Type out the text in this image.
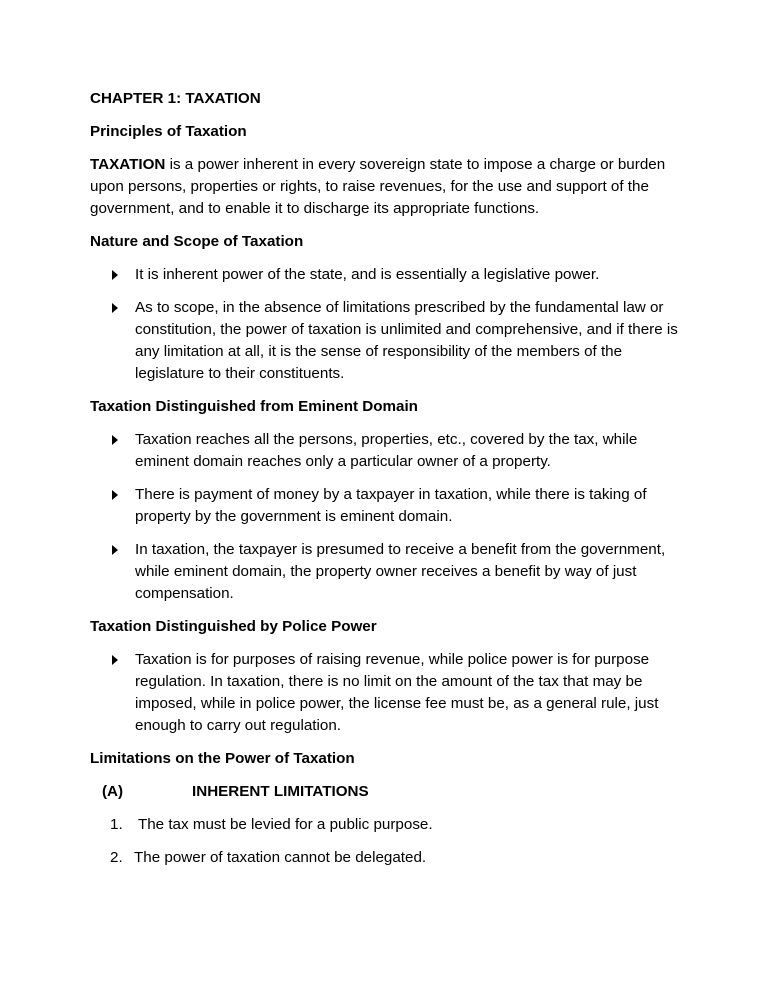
CHAPTER 1: TAXATION

Principles of Taxation

TAXATION is a power inherent in every sovereign state to impose a charge or burden upon persons, properties or rights, to raise revenues, for the use and support of the government, and to enable it to discharge its appropriate functions.

Nature and Scope of Taxation

It is inherent power of the state, and is essentially a legislative power.
As to scope, in the absence of limitations prescribed by the fundamental law or constitution, the power of taxation is unlimited and comprehensive, and if there is any limitation at all, it is the sense of responsibility of the members of the legislature to their constituents.

Taxation Distinguished from Eminent Domain

Taxation reaches all the persons, properties, etc., covered by the tax, while eminent domain reaches only a particular owner of a property.
There is payment of money by a taxpayer in taxation, while there is taking of property by the government is eminent domain.
In taxation, the taxpayer is presumed to receive a benefit from the government, while eminent domain, the property owner receives a benefit by way of just compensation.

Taxation Distinguished by Police Power

Taxation is for purposes of raising revenue, while police power is for purpose regulation. In taxation, there is no limit on the amount of the tax that may be imposed, while in police power, the license fee must be, as a general rule, just enough to carry out regulation.

Limitations on the Power of Taxation

(A)	INHERENT LIMITATIONS
1. The tax must be levied for a public purpose.
2. The power of taxation cannot be delegated.
